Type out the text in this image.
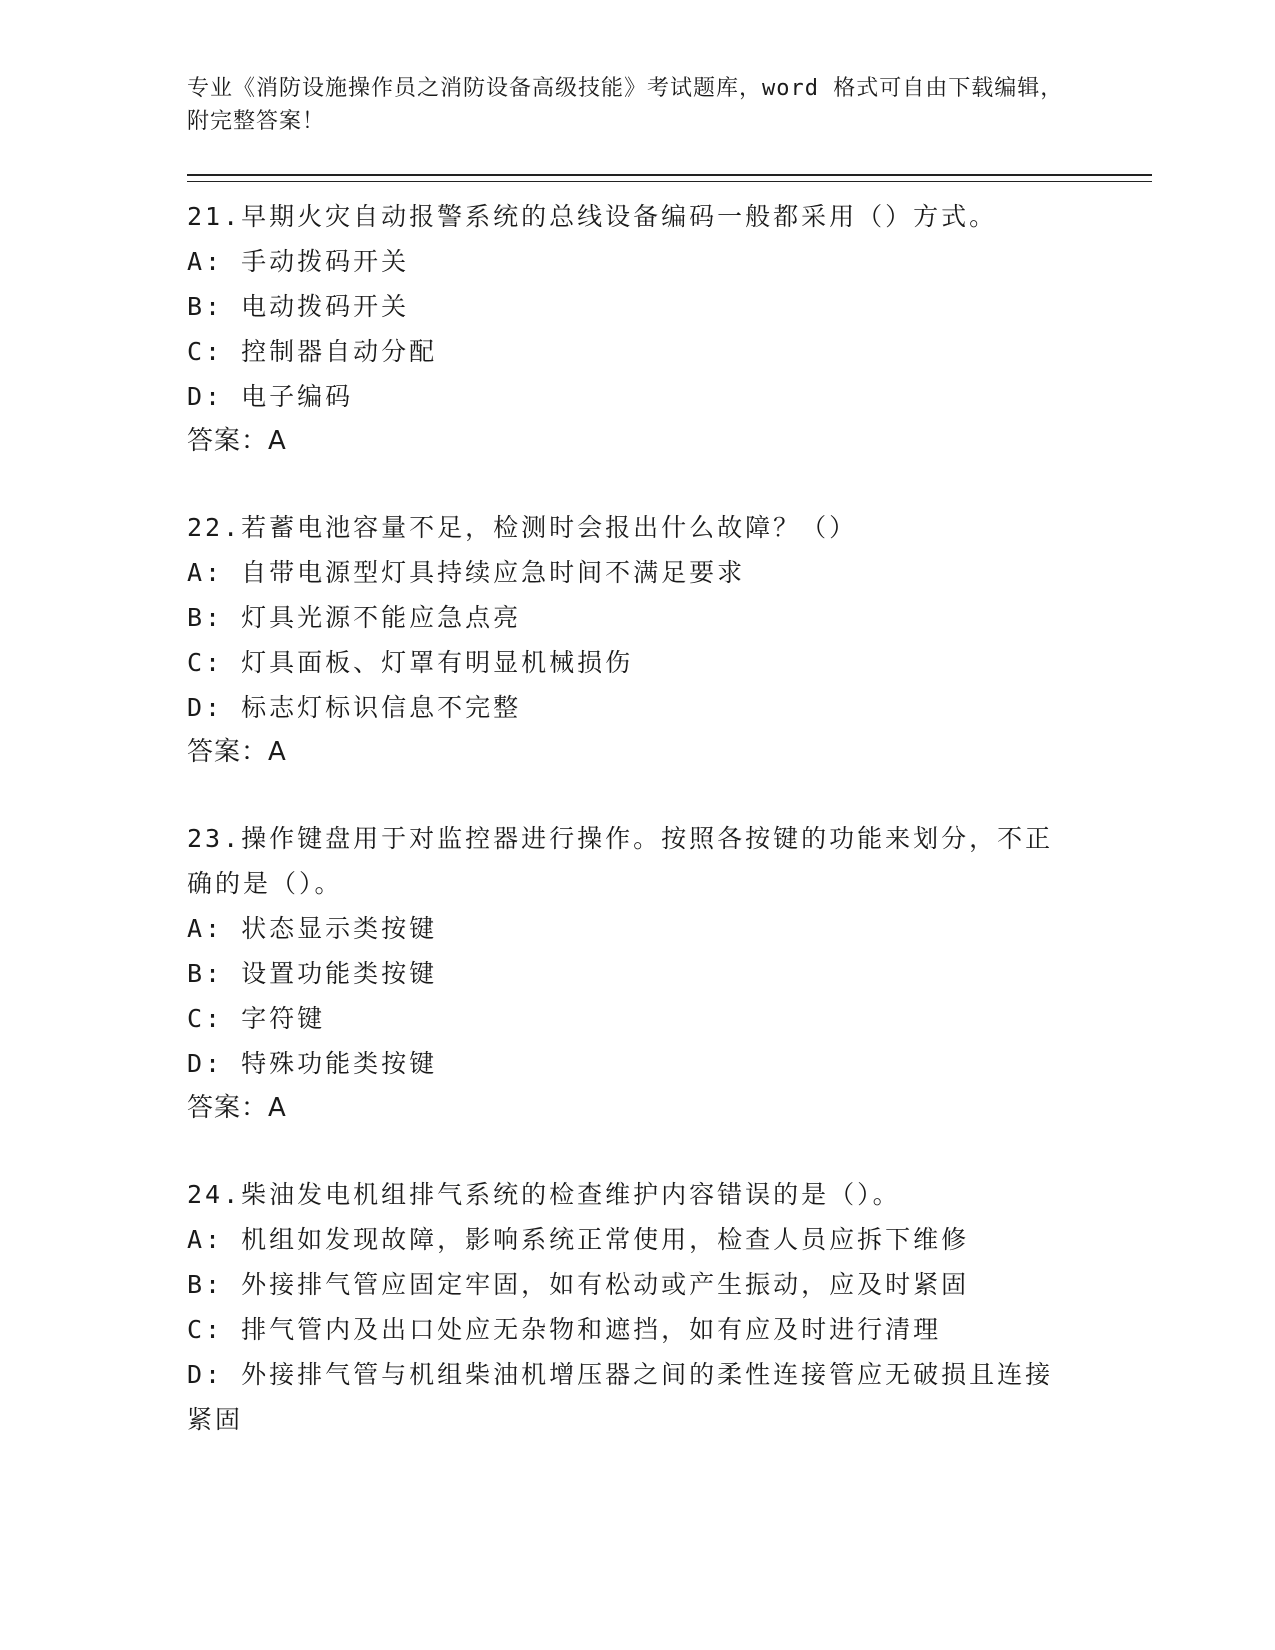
专业《消防设施操作员之消防设备高级技能》考试题库，word 格式可自由下载编辑，附完整答案！
21.早期火灾自动报警系统的总线设备编码一般都采用（）方式。
A: 手动拨码开关
B: 电动拨码开关
C: 控制器自动分配
D: 电子编码
答案：A
22.若蓄电池容量不足，检测时会报出什么故障？（）
A: 自带电源型灯具持续应急时间不满足要求
B: 灯具光源不能应急点亮
C: 灯具面板、灯罩有明显机械损伤
D: 标志灯标识信息不完整
答案：A
23.操作键盘用于对监控器进行操作。按照各按键的功能来划分，不正确的是（）。
A: 状态显示类按键
B: 设置功能类按键
C: 字符键
D: 特殊功能类按键
答案：A
24.柴油发电机组排气系统的检查维护内容错误的是（）。
A: 机组如发现故障，影响系统正常使用，检查人员应拆下维修
B: 外接排气管应固定牢固，如有松动或产生振动，应及时紧固
C: 排气管内及出口处应无杂物和遮挡，如有应及时进行清理
D: 外接排气管与机组柴油机增压器之间的柔性连接管应无破损且连接紧固
